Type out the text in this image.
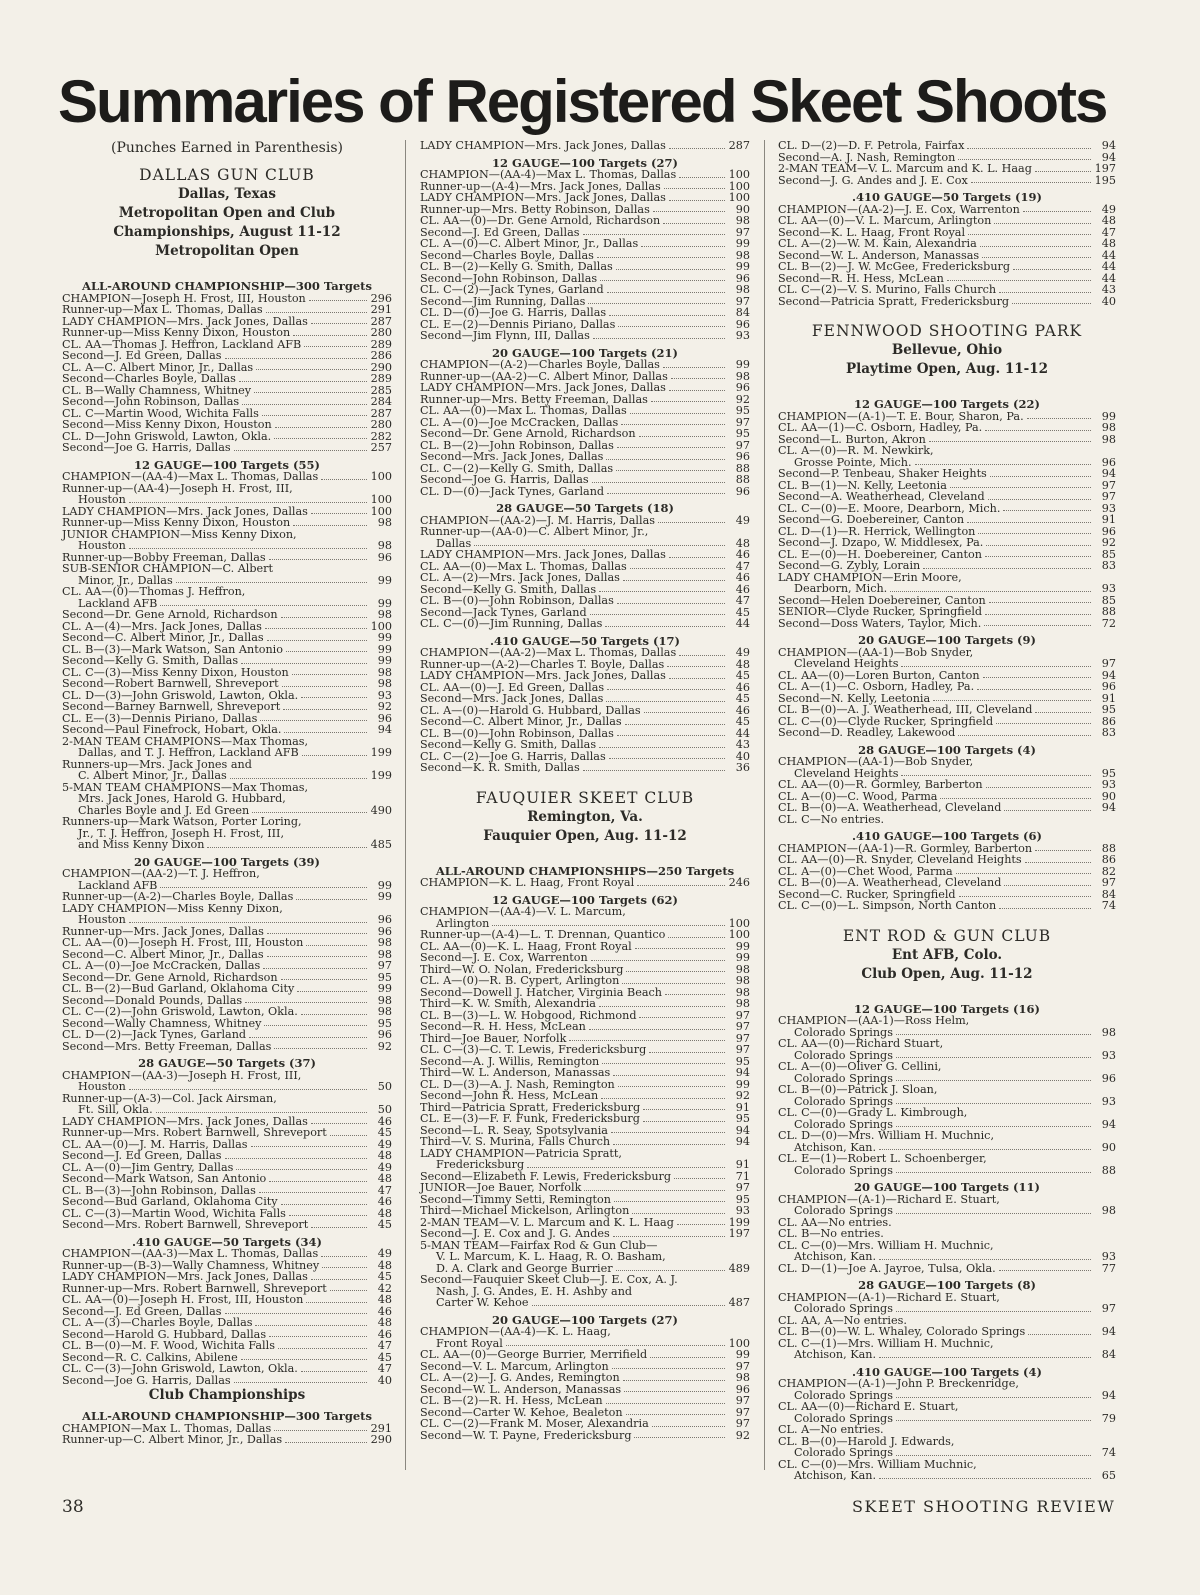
Summaries of Registered Skeet Shoots
(Punches Earned in Parenthesis)
DALLAS GUN CLUB
Dallas, Texas
Metropolitan Open and Club
Championships, August 11-12
Metropolitan Open
ALL-AROUND CHAMPIONSHIP—300 Targets
CHAMPION—Joseph H. Frost, III, Houston	296
Runner-up—Max L. Thomas, Dallas	291
LADY CHAMPION—Mrs. Jack Jones, Dallas	287
Runner-up—Miss Kenny Dixon, Houston	280
CL. AA—Thomas J. Heffron, Lackland AFB	289
Second—J. Ed Green, Dallas	286
CL. A—C. Albert Minor, Jr., Dallas	290
Second—Charles Boyle, Dallas	289
CL. B—Wally Chamness, Whitney	285
Second—John Robinson, Dallas	284
CL. C—Martin Wood, Wichita Falls	287
Second—Miss Kenny Dixon, Houston	280
CL. D—John Griswold, Lawton, Okla.	282
Second—Joe G. Harris, Dallas	257
12 GAUGE—100 Targets (55)
CHAMPION—(AA-4)—Max L. Thomas, Dallas	100
Runner-up—(AA-4)—Joseph H. Frost, III,
Houston	100
LADY CHAMPION—Mrs. Jack Jones, Dallas	100
Runner-up—Miss Kenny Dixon, Houston	98
JUNIOR CHAMPION—Miss Kenny Dixon,
Houston	98
Runner-up—Bobby Freeman, Dallas	96
SUB-SENIOR CHAMPION—C. Albert
Minor, Jr., Dallas	99
CL. AA—(0)—Thomas J. Heffron,
Lackland AFB	99
Second—Dr. Gene Arnold, Richardson	98
CL. A—(4)—Mrs. Jack Jones, Dallas	100
Second—C. Albert Minor, Jr., Dallas	99
CL. B—(3)—Mark Watson, San Antonio	99
Second—Kelly G. Smith, Dallas	99
CL. C—(3)—Miss Kenny Dixon, Houston	98
Second—Robert Barnwell, Shreveport	98
CL. D—(3)—John Griswold, Lawton, Okla.	93
Second—Barney Barnwell, Shreveport	92
CL. E—(3)—Dennis Piriano, Dallas	96
Second—Paul Finefrock, Hobart, Okla.	94
2-MAN TEAM CHAMPIONS—Max Thomas,
Dallas, and T. J. Heffron, Lackland AFB	199
Runners-up—Mrs. Jack Jones and
C. Albert Minor, Jr., Dallas	199
5-MAN TEAM CHAMPIONS—Max Thomas,
Mrs. Jack Jones, Harold G. Hubbard,
Charles Boyle and J. Ed Green	490
Runners-up—Mark Watson, Porter Loring,
Jr., T. J. Heffron, Joseph H. Frost, III,
and Miss Kenny Dixon	485
20 GAUGE—100 Targets (39)
CHAMPION—(AA-2)—T. J. Heffron,
Lackland AFB	99
Runner-up—(A-2)—Charles Boyle, Dallas	99
LADY CHAMPION—Miss Kenny Dixon,
Houston	96
Runner-up—Mrs. Jack Jones, Dallas	96
CL. AA—(0)—Joseph H. Frost, III, Houston	98
Second—C. Albert Minor, Jr., Dallas	98
CL. A—(0)—Joe McCracken, Dallas	97
Second—Dr. Gene Arnold, Richardson	95
CL. B—(2)—Bud Garland, Oklahoma City	99
Second—Donald Pounds, Dallas	98
CL. C—(2)—John Griswold, Lawton, Okla.	98
Second—Wally Chamness, Whitney	95
CL. D—(2)—Jack Tynes, Garland	96
Second—Mrs. Betty Freeman, Dallas	92
28 GAUGE—50 Targets (37)
CHAMPION—(AA-3)—Joseph H. Frost, III,
Houston	50
Runner-up—(A-3)—Col. Jack Airsman,
Ft. Sill, Okla.	50
LADY CHAMPION—Mrs. Jack Jones, Dallas	46
Runner-up—Mrs. Robert Barnwell, Shreveport	45
CL. AA—(0)—J. M. Harris, Dallas	49
Second—J. Ed Green, Dallas	48
CL. A—(0)—Jim Gentry, Dallas	49
Second—Mark Watson, San Antonio	48
CL. B—(3)—John Robinson, Dallas	47
Second—Bud Garland, Oklahoma City	46
CL. C—(3)—Martin Wood, Wichita Falls	48
Second—Mrs. Robert Barnwell, Shreveport	45
.410 GAUGE—50 Targets (34)
CHAMPION—(AA-3)—Max L. Thomas, Dallas	49
Runner-up—(B-3)—Wally Chamness, Whitney	48
LADY CHAMPION—Mrs. Jack Jones, Dallas	45
Runner-up—Mrs. Robert Barnwell, Shreveport	42
CL. AA—(0)—Joseph H. Frost, III, Houston	48
Second—J. Ed Green, Dallas	46
CL. A—(3)—Charles Boyle, Dallas	48
Second—Harold G. Hubbard, Dallas	46
CL. B—(0)—M. F. Wood, Wichita Falls	47
Second—R. C. Calkins, Abilene	45
CL. C—(3)—John Griswold, Lawton, Okla.	47
Second—Joe G. Harris, Dallas	40
Club Championships
ALL-AROUND CHAMPIONSHIP—300 Targets
CHAMPION—Max L. Thomas, Dallas	291
Runner-up—C. Albert Minor, Jr., Dallas	290
LADY CHAMPION—Mrs. Jack Jones, Dallas	287
12 GAUGE—100 Targets (27)
CHAMPION—(AA-4)—Max L. Thomas, Dallas	100
Runner-up—(A-4)—Mrs. Jack Jones, Dallas	100
LADY CHAMPION—Mrs. Jack Jones, Dallas	100
Runner-up—Mrs. Betty Robinson, Dallas	90
CL. AA—(0)—Dr. Gene Arnold, Richardson	98
Second—J. Ed Green, Dallas	97
CL. A—(0)—C. Albert Minor, Jr., Dallas	99
Second—Charles Boyle, Dallas	98
CL. B—(2)—Kelly G. Smith, Dallas	99
Second—John Robinson, Dallas	96
CL. C—(2)—Jack Tynes, Garland	98
Second—Jim Running, Dallas	97
CL. D—(0)—Joe G. Harris, Dallas	84
CL. E—(2)—Dennis Piriano, Dallas	96
Second—Jim Flynn, III, Dallas	93
20 GAUGE—100 Targets (21)
CHAMPION—(A-2)—Charles Boyle, Dallas	99
Runner-up—(AA-2)—C. Albert Minor, Dallas	98
LADY CHAMPION—Mrs. Jack Jones, Dallas	96
Runner-up—Mrs. Betty Freeman, Dallas	92
CL. AA—(0)—Max L. Thomas, Dallas	95
CL. A—(0)—Joe McCracken, Dallas	97
Second—Dr. Gene Arnold, Richardson	95
CL. B—(2)—John Robinson, Dallas	97
Second—Mrs. Jack Jones, Dallas	96
CL. C—(2)—Kelly G. Smith, Dallas	88
Second—Joe G. Harris, Dallas	88
CL. D—(0)—Jack Tynes, Garland	96
28 GAUGE—50 Targets (18)
CHAMPION—(AA-2)—J. M. Harris, Dallas	49
Runner-up—(AA-0)—C. Albert Minor, Jr.,
Dallas	48
LADY CHAMPION—Mrs. Jack Jones, Dallas	46
CL. AA—(0)—Max L. Thomas, Dallas	47
CL. A—(2)—Mrs. Jack Jones, Dallas	46
Second—Kelly G. Smith, Dallas	46
CL. B—(0)—John Robinson, Dallas	47
Second—Jack Tynes, Garland	45
CL. C—(0)—Jim Running, Dallas	44
.410 GAUGE—50 Targets (17)
CHAMPION—(AA-2)—Max L. Thomas, Dallas	49
Runner-up—(A-2)—Charles T. Boyle, Dallas	48
LADY CHAMPION—Mrs. Jack Jones, Dallas	45
CL. AA—(0)—J. Ed Green, Dallas	46
Second—Mrs. Jack Jones, Dallas	45
CL. A—(0)—Harold G. Hubbard, Dallas	46
Second—C. Albert Minor, Jr., Dallas	45
CL. B—(0)—John Robinson, Dallas	44
Second—Kelly G. Smith, Dallas	43
CL. C—(2)—Joe G. Harris, Dallas	40
Second—K. R. Smith, Dallas	36
FAUQUIER SKEET CLUB
Remington, Va.
Fauquier Open, Aug. 11-12
ALL-AROUND CHAMPIONSHIPS—250 Targets
CHAMPION—K. L. Haag, Front Royal	246
12 GAUGE—100 Targets (62)
CHAMPION—(AA-4)—V. L. Marcum,
Arlington	100
Runner-up—(A-4)—L. T. Drennan, Quantico	100
CL. AA—(0)—K. L. Haag, Front Royal	99
Second—J. E. Cox, Warrenton	99
Third—W. O. Nolan, Fredericksburg	98
CL. A—(0)—R. B. Cypert, Arlington	98
Second—Dowell J. Hatcher, Virginia Beach	98
Third—K. W. Smith, Alexandria	98
CL. B—(3)—L. W. Hobgood, Richmond	97
Second—R. H. Hess, McLean	97
Third—Joe Bauer, Norfolk	97
CL. C—(3)—C. T. Lewis, Fredericksburg	97
Second—A. J. Willis, Remington	95
Third—W. L. Anderson, Manassas	94
CL. D—(3)—A. J. Nash, Remington	99
Second—John R. Hess, McLean	92
Third—Patricia Spratt, Fredericksburg	91
CL. E—(3)—F. F. Funk, Fredericksburg	95
Second—L. R. Seay, Spotsylvania	94
Third—V. S. Murina, Falls Church	94
LADY CHAMPION—Patricia Spratt,
Fredericksburg	91
Second—Elizabeth F. Lewis, Fredericksburg	71
JUNIOR—Joe Bauer, Norfolk	97
Second—Timmy Setti, Remington	95
Third—Michael Mickelson, Arlington	93
2-MAN TEAM—V. L. Marcum and K. L. Haag	199
Second—J. E. Cox and J. G. Andes	197
5-MAN TEAM—Fairfax Rod & Gun Club—
V. L. Marcum, K. L. Haag, R. O. Basham,
D. A. Clark and George Burrier	489
Second—Fauquier Skeet Club—J. E. Cox, A. J.
Nash, J. G. Andes, E. H. Ashby and
Carter W. Kehoe	487
20 GAUGE—100 Targets (27)
CHAMPION—(AA-4)—K. L. Haag,
Front Royal	100
CL. AA—(0)—George Burrier, Merrifield	99
Second—V. L. Marcum, Arlington	97
CL. A—(2)—J. G. Andes, Remington	98
Second—W. L. Anderson, Manassas	96
CL. B—(2)—R. H. Hess, McLean	97
Second—Carter W. Kehoe, Bealeton	97
CL. C—(2)—Frank M. Moser, Alexandria	97
Second—W. T. Payne, Fredericksburg	92
CL. D—(2)—D. F. Petrola, Fairfax	94
Second—A. J. Nash, Remington	94
2-MAN TEAM—V. L. Marcum and K. L. Haag	197
Second—J. G. Andes and J. E. Cox	195
.410 GAUGE—50 Targets (19)
CHAMPION—(AA-2)—J. E. Cox, Warrenton	49
CL. AA—(0)—V. L. Marcum, Arlington	48
Second—K. L. Haag, Front Royal	47
CL. A—(2)—W. M. Kain, Alexandria	48
Second—W. L. Anderson, Manassas	44
CL. B—(2)—J. W. McGee, Fredericksburg	44
Second—R. H. Hess, McLean	44
CL. C—(2)—V. S. Murino, Falls Church	43
Second—Patricia Spratt, Fredericksburg	40
FENNWOOD SHOOTING PARK
Bellevue, Ohio
Playtime Open, Aug. 11-12
12 GAUGE—100 Targets (22)
CHAMPION—(A-1)—T. E. Bour, Sharon, Pa.	99
CL. AA—(1)—C. Osborn, Hadley, Pa.	98
Second—L. Burton, Akron	98
CL. A—(0)—R. M. Newkirk,
Grosse Pointe, Mich.	96
Second—P. Tenbeau, Shaker Heights	94
CL. B—(1)—N. Kelly, Leetonia	97
Second—A. Weatherhead, Cleveland	97
CL. C—(0)—E. Moore, Dearborn, Mich.	93
Second—G. Doebereiner, Canton	91
CL. D—(1)—R. Herrick, Wellington	96
Second—J. Dzapo, W. Middlesex, Pa.	92
CL. E—(0)—H. Doebereiner, Canton	85
Second—G. Zybly, Lorain	83
LADY CHAMPION—Erin Moore,
Dearborn, Mich.	93
Second—Helen Doebereiner, Canton	85
SENIOR—Clyde Rucker, Springfield	88
Second—Doss Waters, Taylor, Mich.	72
20 GAUGE—100 Targets (9)
CHAMPION—(AA-1)—Bob Snyder,
Cleveland Heights	97
CL. AA—(0)—Loren Burton, Canton	94
CL. A—(1)—C. Osborn, Hadley, Pa.	96
Second—N. Kelly, Leetonia	91
CL. B—(0)—A. J. Weatherhead, III, Cleveland	95
CL. C—(0)—Clyde Rucker, Springfield	86
Second—D. Readley, Lakewood	83
28 GAUGE—100 Targets (4)
CHAMPION—(AA-1)—Bob Snyder,
Cleveland Heights	95
CL. AA—(0)—R. Gormley, Barberton	93
CL. A—(0)—C. Wood, Parma	90
CL. B—(0)—A. Weatherhead, Cleveland	94
CL. C—No entries.
.410 GAUGE—100 Targets (6)
CHAMPION—(AA-1)—R. Gormley, Barberton	88
CL. AA—(0)—R. Snyder, Cleveland Heights	86
CL. A—(0)—Chet Wood, Parma	82
CL. B—(0)—A. Weatherhead, Cleveland	97
Second—C. Rucker, Springfield	84
CL. C—(0)—L. Simpson, North Canton	74
ENT ROD & GUN CLUB
Ent AFB, Colo.
Club Open, Aug. 11-12
12 GAUGE—100 Targets (16)
CHAMPION—(AA-1)—Ross Helm,
Colorado Springs	98
CL. AA—(0)—Richard Stuart,
Colorado Springs	93
CL. A—(0)—Oliver G. Cellini,
Colorado Springs	96
CL. B—(0)—Patrick J. Sloan,
Colorado Springs	93
CL. C—(0)—Grady L. Kimbrough,
Colorado Springs	94
CL. D—(0)—Mrs. William H. Muchnic,
Atchison, Kan.	90
CL. E—(1)—Robert L. Schoenberger,
Colorado Springs	88
20 GAUGE—100 Targets (11)
CHAMPION—(A-1)—Richard E. Stuart,
Colorado Springs	98
CL. AA—No entries.
CL. B—No entries.
CL. C—(0)—Mrs. William H. Muchnic,
Atchison, Kan.	93
CL. D—(1)—Joe A. Jayroe, Tulsa, Okla.	77
28 GAUGE—100 Targets (8)
CHAMPION—(A-1)—Richard E. Stuart,
Colorado Springs	97
CL. AA, A—No entries.
CL. B—(0)—W. L. Whaley, Colorado Springs	94
CL. C—(1)—Mrs. William H. Muchnic,
Atchison, Kan.	84
.410 GAUGE—100 Targets (4)
CHAMPION—(A-1)—John P. Breckenridge,
Colorado Springs	94
CL. AA—(0)—Richard E. Stuart,
Colorado Springs	79
CL. A—No entries.
CL. B—(0)—Harold J. Edwards,
Colorado Springs	74
CL. C—(0)—Mrs. William Muchnic,
Atchison, Kan.	65
38	SKEET SHOOTING REVIEW
